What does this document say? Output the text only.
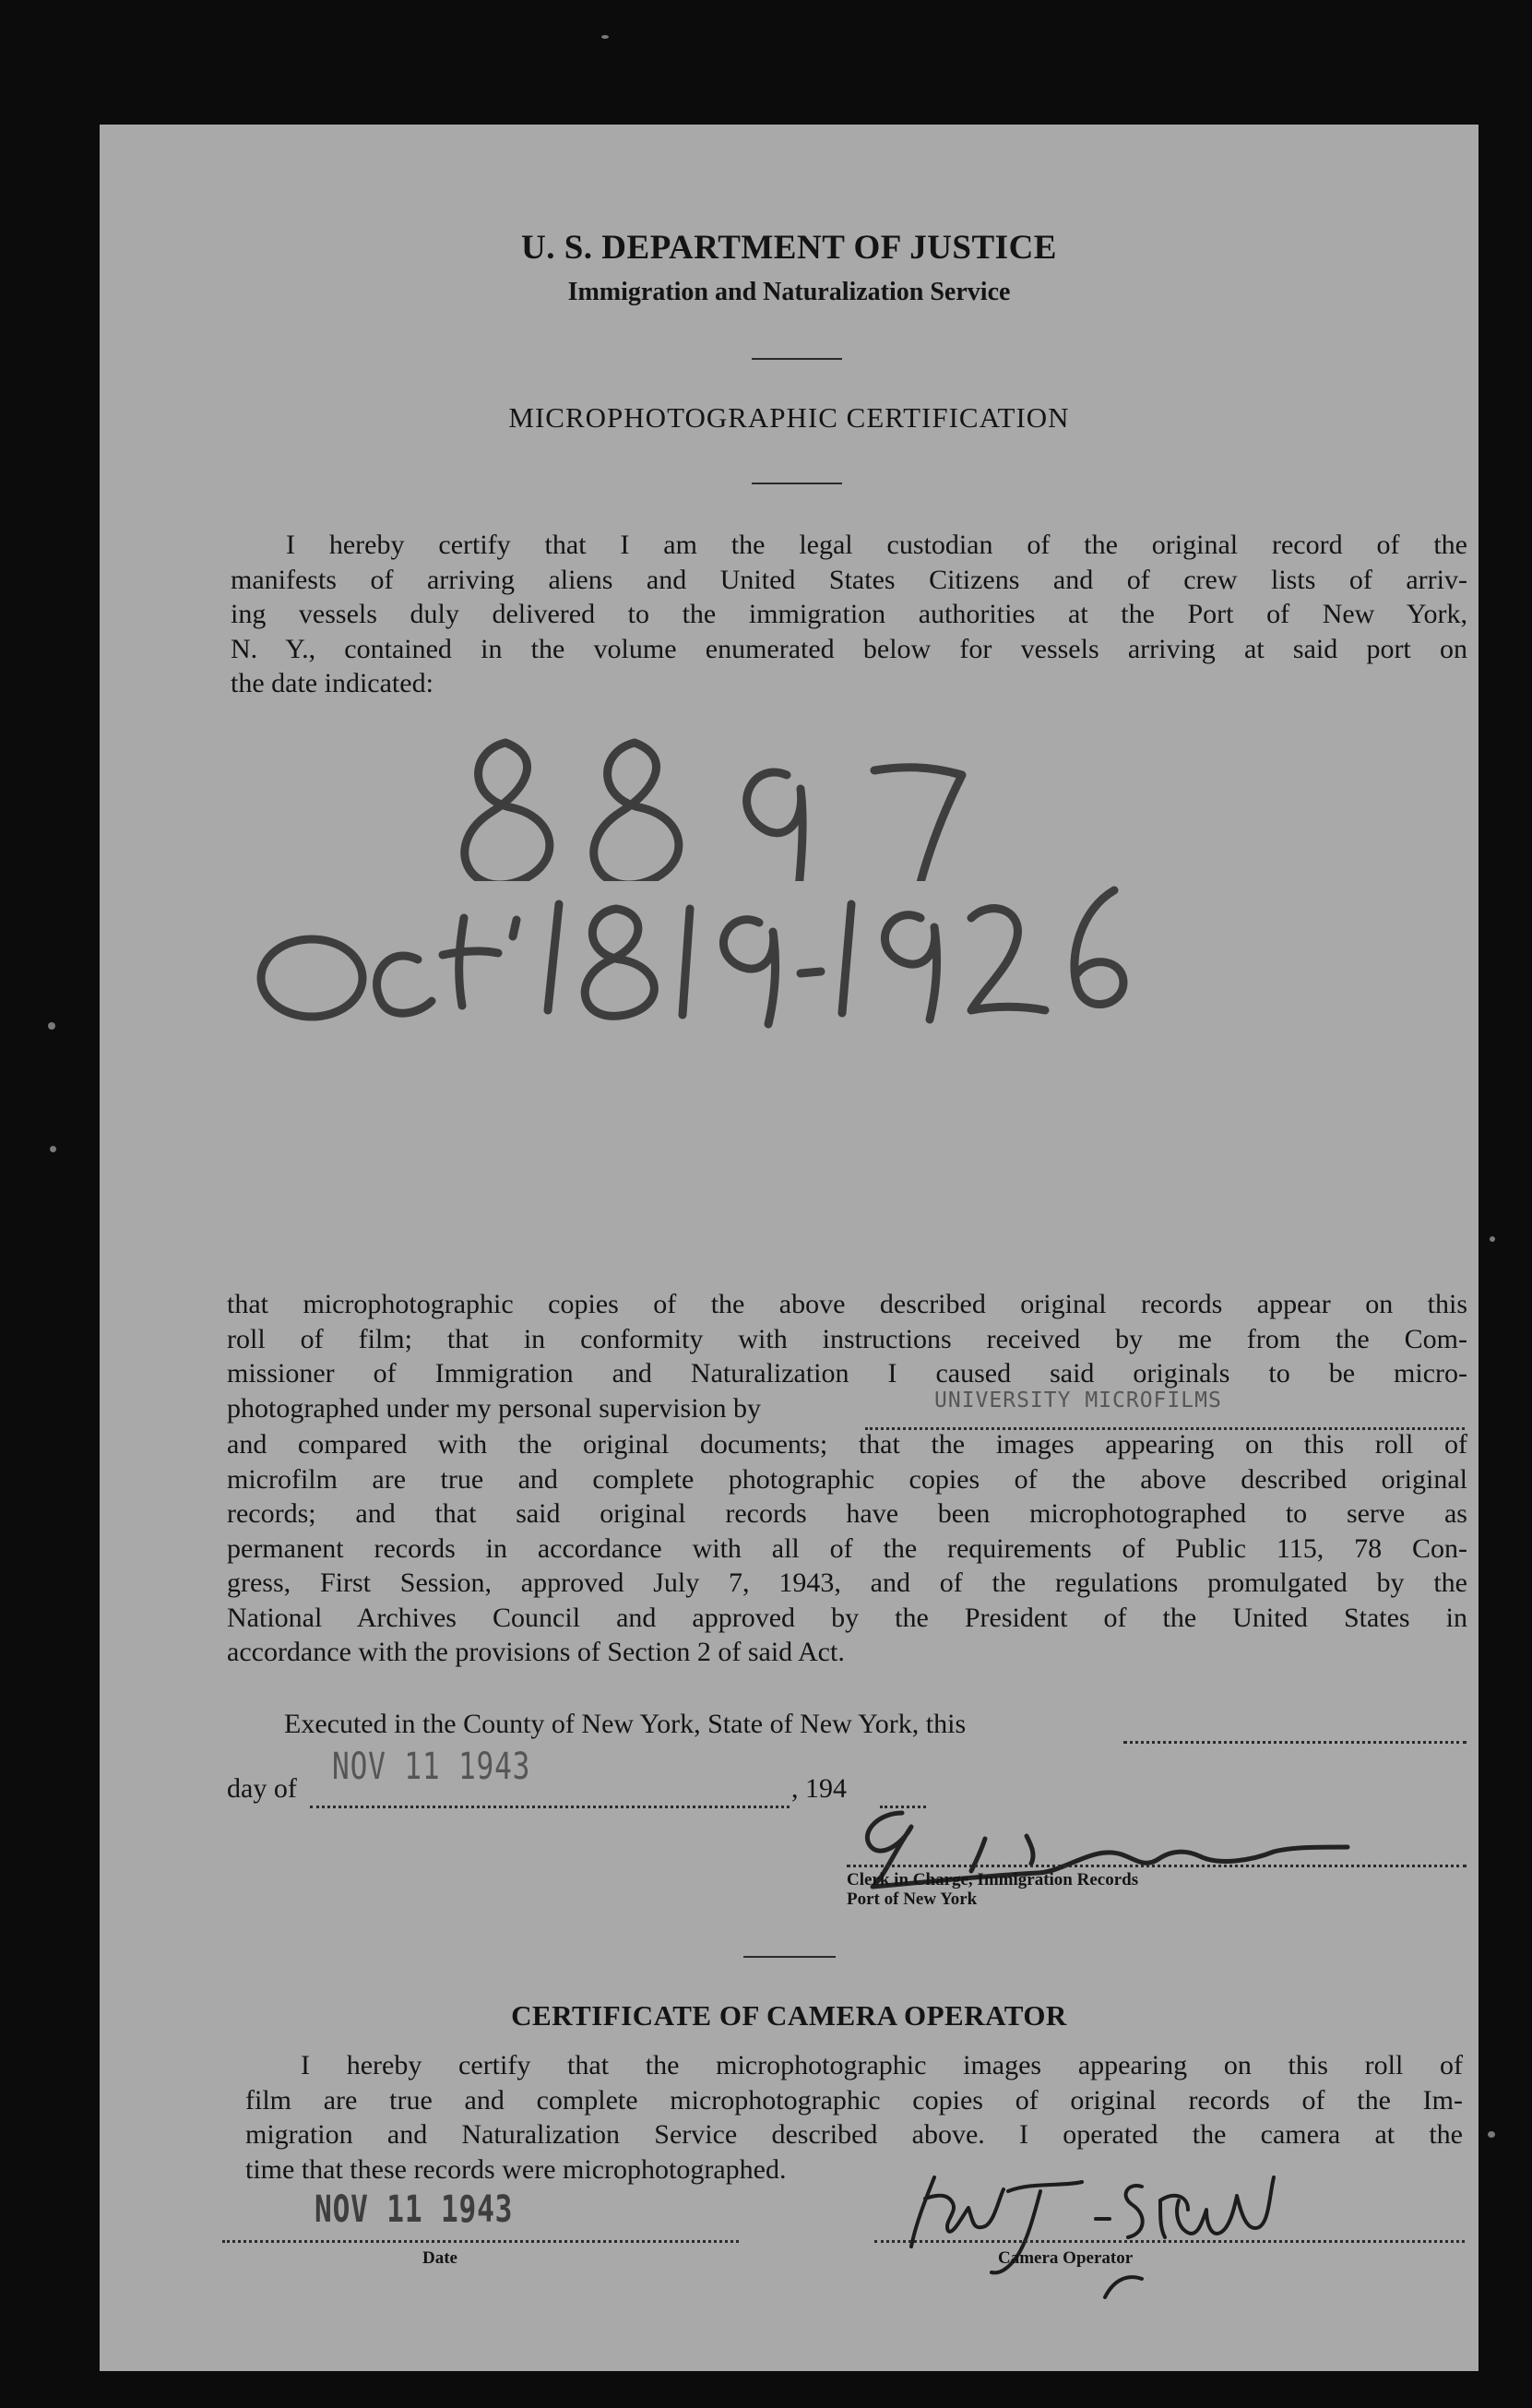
U. S. DEPARTMENT OF JUSTICE
Immigration and Naturalization Service
MICROPHOTOGRAPHIC CERTIFICATION
I hereby certify that I am the legal custodian of the original record of the
manifests of arriving aliens and United States Citizens and of crew lists of arriv-
ing vessels duly delivered to the immigration authorities at the Port of New York,
N. Y., contained in the volume enumerated below for vessels arriving at said port on
the date indicated:
that microphotographic copies of the above described original records appear on this
roll of film; that in conformity with instructions received by me from the Com-
missioner of Immigration and Naturalization I caused said originals to be micro-
photographed under my personal supervision by	UNIVERSITY MICROFILMS
and compared with the original documents; that the images appearing on this roll of
microfilm are true and complete photographic copies of the above described original
records; and that said original records have been microphotographed to serve as
permanent records in accordance with all of the requirements of Public 115, 78 Con-
gress, First Session, approved July 7, 1943, and of the regulations promulgated by the
National Archives Council and approved by the President of the United States in
accordance with the provisions of Section 2 of said Act.
Executed in the County of New York, State of New York, this
day of
NOV 11 1943
, 194
Clerk in Charge, Immigration Records
Port of New York
CERTIFICATE OF CAMERA OPERATOR
I hereby certify that the microphotographic images appearing on this roll of
film are true and complete microphotographic copies of original records of the Im-
migration and Naturalization Service described above. I operated the camera at the
time that these records were microphotographed.
NOV 11 1943
Date	Camera Operator
